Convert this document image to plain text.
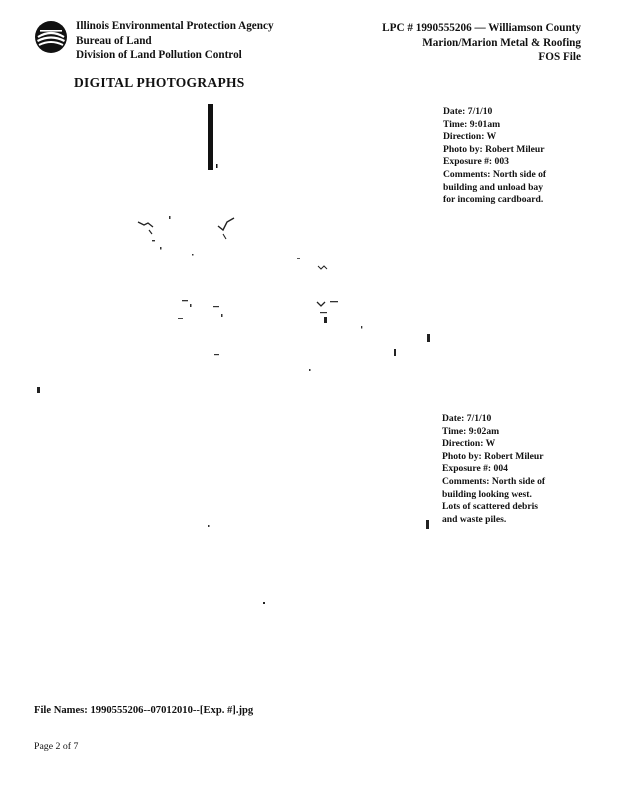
Illinois Environmental Protection Agency
Bureau of Land
Division of Land Pollution Control
LPC # 1990555206 — Williamson County
Marion/Marion Metal & Roofing
FOS File
DIGITAL PHOTOGRAPHS
Date: 7/1/10
Time: 9:01am
Direction: W
Photo by: Robert Mileur
Exposure #: 003
Comments: North side of
building and unload bay
for incoming cardboard.
Date: 7/1/10
Time: 9:02am
Direction: W
Photo by: Robert Mileur
Exposure #: 004
Comments: North side of
building looking west.
Lots of scattered debris
and waste piles.
File Names: 1990555206--07012010--[Exp. #].jpg
Page 2 of 7
